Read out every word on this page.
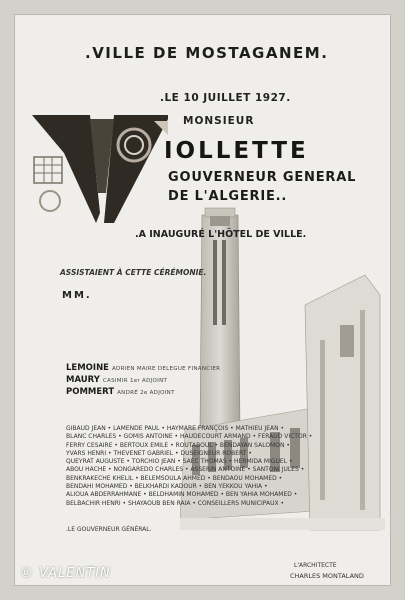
.VILLE DE MOSTAGANEM.
.LE 10 JUILLET 1927.
MONSIEUR
IOLLETTE
GOUVERNEUR GENERAL
DE L'ALGERIE..
.A INAUGURÉ L'HÔTEL DE VILLE.
ASSISTAIENT À CETTE CÉRÉMONIE.
MM.
LEMOINE ADRIEN MAIRE DELEGUE FINANCIER
MAURY CASIMIR 1er ADJOINT
POMMERT ANDRÉ 2e ADJOINT
GIBAUD JEAN • LAMENDE PAUL • HAYMARE FRANÇOIS • MATHIEU JEAN •
BLANC CHARLES • GOMIS ANTOINE • HAUDECOURT ARMAND • FERAUD VICTOR •
FERRY CÉSAIRE • BERTOUX EMILE • ROUTABOUL • BENDAYAN SALOMON •
YVARS HENRI • THEVENET GABRIEL • DUSEIGNEUR ROBERT •
QUEYRAT AUGUSTE • TORCHIO JEAN • SAEC THOMAS • HERMIDA MIGUEL •
ABOU HACHE • NONGAREDO CHARLES • ASSERIN ANTOINE • SANTONI JULES •
BENKRAKECHE KHELIL • BELEMSOULA AHMED • BENDAOU MOHAMED •
BENDAHI MOHAMED • BELKHARDI KADOUR • BEN YEKKOU YAHIA •
ALIOUA ABDERRAHMANE • BELDHAMIN MOHAMED • BEN YAHIA MOHAMED •
BELBACHIR HENRI • SHAYAOUB BEN RAÏA • CONSEILLERS MUNICIPAUX •
.LE GOUVERNEUR GÉNÉRAL.
L'ARCHITECTE
CHARLES MONTALAND
© VALENTIN
